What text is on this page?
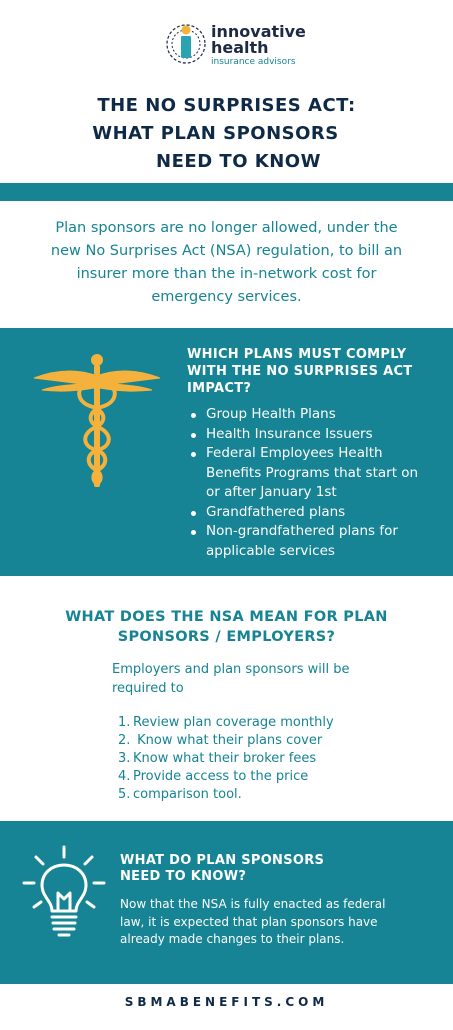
innovative
health
insurance advisors
THE NO SURPRISES ACT:
WHAT PLAN SPONSORS
NEED TO KNOW
Plan sponsors are no longer allowed, under the new No Surprises Act (NSA) regulation, to bill an insurer more than the in-network cost for emergency services.
WHICH PLANS MUST COMPLY WITH THE NO SURPRISES ACT IMPACT?
Group Health Plans
Health Insurance Issuers
Federal Employees Health Benefits Programs that start on or after January 1st
Grandfathered plans
Non-grandfathered plans for applicable services
WHAT DOES THE NSA MEAN FOR PLAN SPONSORS / EMPLOYERS?
Employers and plan sponsors will be required to
1. Review plan coverage monthly
2. Know what their plans cover
3. Know what their broker fees
4. Provide access to the price
5. comparison tool.
WHAT DO PLAN SPONSORS NEED TO KNOW?
Now that the NSA is fully enacted as federal law, it is expected that plan sponsors have already made changes to their plans.
SBMABENEFITS.COM
